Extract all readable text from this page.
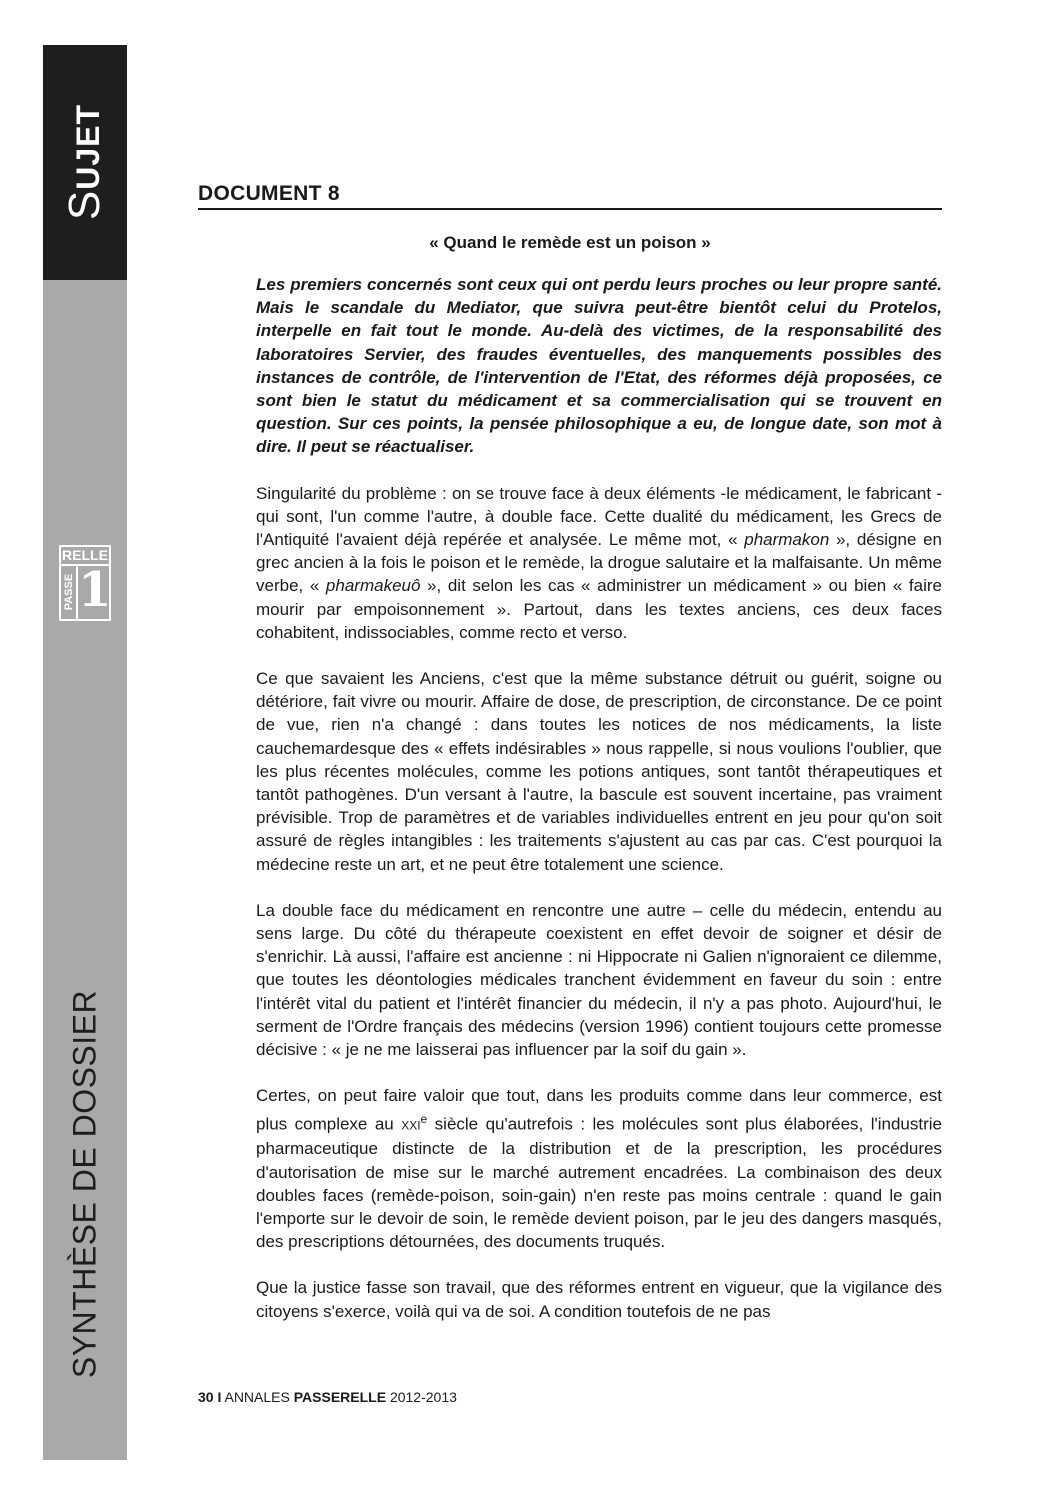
SUJET
RELLE
PASSE 1
SYNTHÈSE DE DOSSIER
DOCUMENT 8
« Quand le remède est un poison »

Les premiers concernés sont ceux qui ont perdu leurs proches ou leur propre santé. Mais le scandale du Mediator, que suivra peut-être bientôt celui du Protelos, interpelle en fait tout le monde. Au-delà des victimes, de la responsabilité des laboratoires Servier, des fraudes éventuelles, des manquements possibles des instances de contrôle, de l'intervention de l'Etat, des réformes déjà proposées, ce sont bien le statut du médicament et sa commercialisation qui se trouvent en question. Sur ces points, la pensée philosophique a eu, de longue date, son mot à dire. Il peut se réactualiser.

Singularité du problème : on se trouve face à deux éléments -le médicament, le fabricant -qui sont, l'un comme l'autre, à double face. Cette dualité du médicament, les Grecs de l'Antiquité l'avaient déjà repérée et analysée. Le même mot, « pharmakon », désigne en grec ancien à la fois le poison et le remède, la drogue salutaire et la malfaisante. Un même verbe, « pharmakeuô », dit selon les cas « administrer un médicament » ou bien « faire mourir par empoisonnement ». Partout, dans les textes anciens, ces deux faces cohabitent, indissociables, comme recto et verso.

Ce que savaient les Anciens, c'est que la même substance détruit ou guérit, soigne ou détériore, fait vivre ou mourir. Affaire de dose, de prescription, de circonstance. De ce point de vue, rien n'a changé : dans toutes les notices de nos médicaments, la liste cauchemardesque des « effets indésirables » nous rappelle, si nous voulions l'oublier, que les plus récentes molécules, comme les potions antiques, sont tantôt thérapeutiques et tantôt pathogènes. D'un versant à l'autre, la bascule est souvent incertaine, pas vraiment prévisible. Trop de paramètres et de variables individuelles entrent en jeu pour qu'on soit assuré de règles intangibles : les traitements s'ajustent au cas par cas. C'est pourquoi la médecine reste un art, et ne peut être totalement une science.

La double face du médicament en rencontre une autre – celle du médecin, entendu au sens large. Du côté du thérapeute coexistent en effet devoir de soigner et désir de s'enrichir. Là aussi, l'affaire est ancienne : ni Hippocrate ni Galien n'ignoraient ce dilemme, que toutes les déontologies médicales tranchent évidemment en faveur du soin : entre l'intérêt vital du patient et l'intérêt financier du médecin, il n'y a pas photo. Aujourd'hui, le serment de l'Ordre français des médecins (version 1996) contient toujours cette promesse décisive : « je ne me laisserai pas influencer par la soif du gain ».

Certes, on peut faire valoir que tout, dans les produits comme dans leur commerce, est plus complexe au XXIe siècle qu'autrefois : les molécules sont plus élaborées, l'industrie pharmaceutique distincte de la distribution et de la prescription, les procédures d'autorisation de mise sur le marché autrement encadrées. La combinaison des deux doubles faces (remède-poison, soin-gain) n'en reste pas moins centrale : quand le gain l'emporte sur le devoir de soin, le remède devient poison, par le jeu des dangers masqués, des prescriptions détournées, des documents truqués.

Que la justice fasse son travail, que des réformes entrent en vigueur, que la vigilance des citoyens s'exerce, voilà qui va de soi. A condition toutefois de ne pas

30 I ANNALES PASSERELLE 2012-2013
